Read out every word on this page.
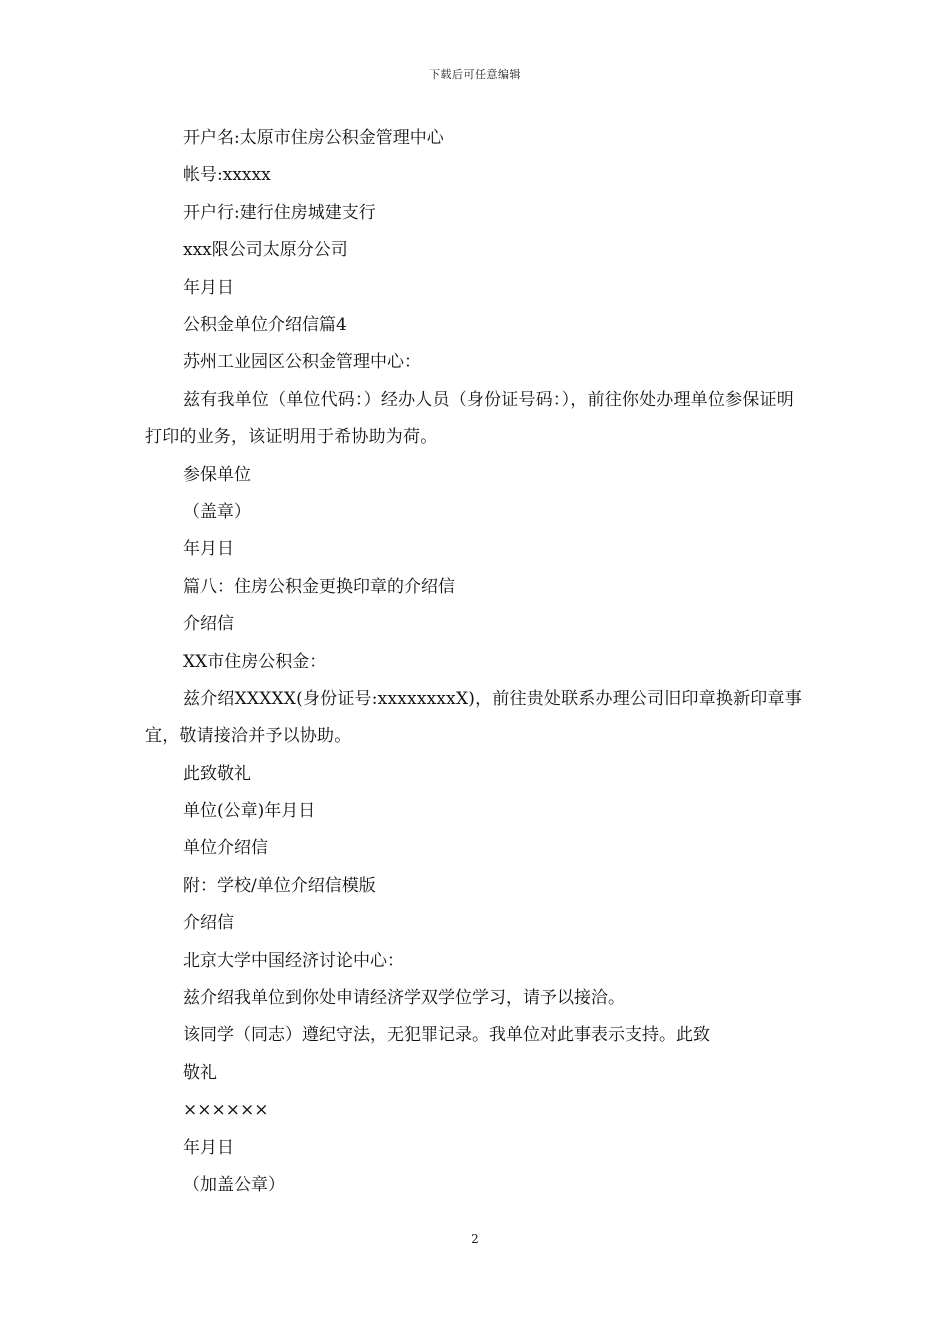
下载后可任意编辑
开户名:太原市住房公积金管理中心
帐号:xxxxx
开户行:建行住房城建支行
xxx限公司太原分公司
年月日
公积金单位介绍信篇4
苏州工业园区公积金管理中心：
兹有我单位（单位代码：）经办人员（身份证号码：），前往你处办理单位参保证明打印的业务，该证明用于希协助为荷。
参保单位
（盖章）
年月日
篇八：住房公积金更换印章的介绍信
介绍信
XX市住房公积金：
兹介绍XXXXX(身份证号:xxxxxxxxX)，前往贵处联系办理公司旧印章换新印章事宜，敬请接洽并予以协助。
此致敬礼
单位(公章)年月日
单位介绍信
附：学校/单位介绍信模版
介绍信
北京大学中国经济讨论中心：
兹介绍我单位到你处申请经济学双学位学习，请予以接洽。
该同学（同志）遵纪守法，无犯罪记录。我单位对此事表示支持。此致
敬礼
××××××
年月日
（加盖公章）
2
